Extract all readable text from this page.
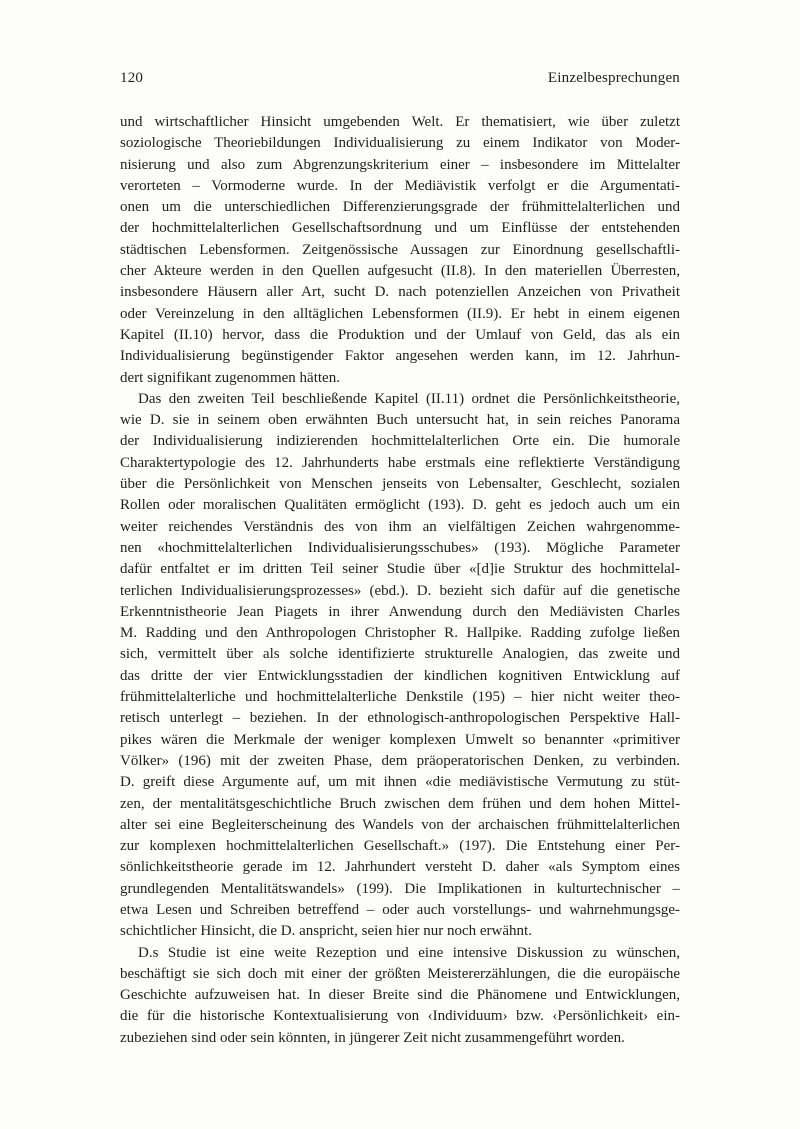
120	Einzelbesprechungen
und wirtschaftlicher Hinsicht umgebenden Welt. Er thematisiert, wie über zuletzt
soziologische Theoriebildungen Individualisierung zu einem Indikator von Moder-
nisierung und also zum Abgrenzungskriterium einer – insbesondere im Mittelalter
verorteten – Vormoderne wurde. In der Mediävistik verfolgt er die Argumentati-
onen um die unterschiedlichen Differenzierungsgrade der frühmittelalterlichen und
der hochmittelalterlichen Gesellschaftsordnung und um Einflüsse der entstehenden
städtischen Lebensformen. Zeitgenössische Aussagen zur Einordnung gesellschaftli-
cher Akteure werden in den Quellen aufgesucht (II.8). In den materiellen Überresten,
insbesondere Häusern aller Art, sucht D. nach potenziellen Anzeichen von Privatheit
oder Vereinzelung in den alltäglichen Lebensformen (II.9). Er hebt in einem eigenen
Kapitel (II.10) hervor, dass die Produktion und der Umlauf von Geld, das als ein
Individualisierung begünstigender Faktor angesehen werden kann, im 12. Jahrhun-
dert signifikant zugenommen hätten.
Das den zweiten Teil beschließende Kapitel (II.11) ordnet die Persönlichkeitstheorie,
wie D. sie in seinem oben erwähnten Buch untersucht hat, in sein reiches Panorama
der Individualisierung indizierenden hochmittelalterlichen Orte ein. Die humorale
Charaktertypologie des 12. Jahrhunderts habe erstmals eine reflektierte Verständigung
über die Persönlichkeit von Menschen jenseits von Lebensalter, Geschlecht, sozialen
Rollen oder moralischen Qualitäten ermöglicht (193). D. geht es jedoch auch um ein
weiter reichendes Verständnis des von ihm an vielfältigen Zeichen wahrgenomme-
nen «hochmittelalterlichen Individualisierungsschubes» (193). Mögliche Parameter
dafür entfaltet er im dritten Teil seiner Studie über «[d]ie Struktur des hochmittelal-
terlichen Individualisierungsprozesses» (ebd.). D. bezieht sich dafür auf die genetische
Erkenntnistheorie Jean Piagets in ihrer Anwendung durch den Mediävisten Charles
M. Radding und den Anthropologen Christopher R. Hallpike. Radding zufolge ließen
sich, vermittelt über als solche identifizierte strukturelle Analogien, das zweite und
das dritte der vier Entwicklungsstadien der kindlichen kognitiven Entwicklung auf
frühmittelalterliche und hochmittelalterliche Denkstile (195) – hier nicht weiter theo-
retisch unterlegt – beziehen. In der ethnologisch-anthropologischen Perspektive Hall-
pikes wären die Merkmale der weniger komplexen Umwelt so benannter «primitiver
Völker» (196) mit der zweiten Phase, dem präoperatorischen Denken, zu verbinden.
D. greift diese Argumente auf, um mit ihnen «die mediävistische Vermutung zu stüt-
zen, der mentalitätsgeschichtliche Bruch zwischen dem frühen und dem hohen Mittel-
alter sei eine Begleiterscheinung des Wandels von der archaischen frühmittelalterlichen
zur komplexen hochmittelalterlichen Gesellschaft.» (197). Die Entstehung einer Per-
sönlichkeitstheorie gerade im 12. Jahrhundert versteht D. daher «als Symptom eines
grundlegenden Mentalitätswandels» (199). Die Implikationen in kulturtechnischer –
etwa Lesen und Schreiben betreffend – oder auch vorstellungs- und wahrnehmungsge-
schichtlicher Hinsicht, die D. anspricht, seien hier nur noch erwähnt.
D.s Studie ist eine weite Rezeption und eine intensive Diskussion zu wünschen,
beschäftigt sie sich doch mit einer der größten Meistererzählungen, die die europäische
Geschichte aufzuweisen hat. In dieser Breite sind die Phänomene und Entwicklungen,
die für die historische Kontextualisierung von ‹Individuum› bzw. ‹Persönlichkeit› ein-
zubeziehen sind oder sein könnten, in jüngerer Zeit nicht zusammengeführt worden.
